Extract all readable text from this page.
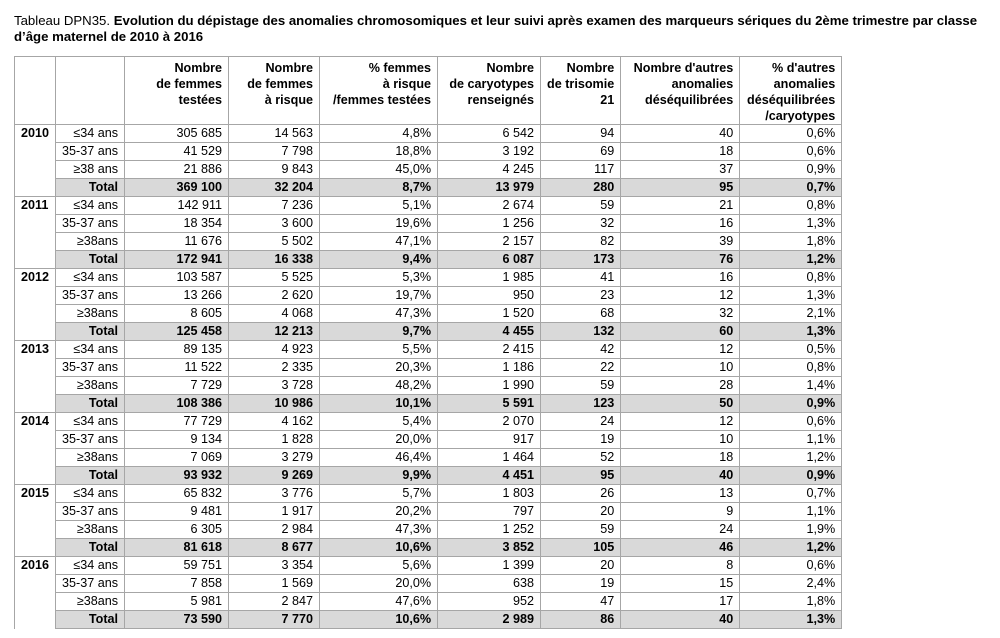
Tableau DPN35. Evolution du dépistage des anomalies chromosomiques et leur suivi après examen des marqueurs sériques du 2ème trimestre par classe d’âge maternel de 2010 à 2016
		Nombre
de femmes
testées	Nombre
de femmes
à risque	% femmes
à risque
/femmes testées	Nombre
de caryotypes
renseignés	Nombre
de trisomie
21	Nombre d'autres
anomalies
déséquilibrées	% d'autres
anomalies
déséquilibrées
/caryotypes
2010	≤34 ans	305 685	14 563	4,8%	6 542	94	40	0,6%
	35-37 ans	41 529	7 798	18,8%	3 192	69	18	0,6%
	≥38 ans	21 886	9 843	45,0%	4 245	117	37	0,9%
	Total	369 100	32 204	8,7%	13 979	280	95	0,7%
2011	≤34 ans	142 911	7 236	5,1%	2 674	59	21	0,8%
	35-37 ans	18 354	3 600	19,6%	1 256	32	16	1,3%
	≥38ans	11 676	5 502	47,1%	2 157	82	39	1,8%
	Total	172 941	16 338	9,4%	6 087	173	76	1,2%
2012	≤34 ans	103 587	5 525	5,3%	1 985	41	16	0,8%
	35-37 ans	13 266	2 620	19,7%	950	23	12	1,3%
	≥38ans	8 605	4 068	47,3%	1 520	68	32	2,1%
	Total	125 458	12 213	9,7%	4 455	132	60	1,3%
2013	≤34 ans	89 135	4 923	5,5%	2 415	42	12	0,5%
	35-37 ans	11 522	2 335	20,3%	1 186	22	10	0,8%
	≥38ans	7 729	3 728	48,2%	1 990	59	28	1,4%
	Total	108 386	10 986	10,1%	5 591	123	50	0,9%
2014	≤34 ans	77 729	4 162	5,4%	2 070	24	12	0,6%
	35-37 ans	9 134	1 828	20,0%	917	19	10	1,1%
	≥38ans	7 069	3 279	46,4%	1 464	52	18	1,2%
	Total	93 932	9 269	9,9%	4 451	95	40	0,9%
2015	≤34 ans	65 832	3 776	5,7%	1 803	26	13	0,7%
	35-37 ans	9 481	1 917	20,2%	797	20	9	1,1%
	≥38ans	6 305	2 984	47,3%	1 252	59	24	1,9%
	Total	81 618	8 677	10,6%	3 852	105	46	1,2%
2016	≤34 ans	59 751	3 354	5,6%	1 399	20	8	0,6%
	35-37 ans	7 858	1 569	20,0%	638	19	15	2,4%
	≥38ans	5 981	2 847	47,6%	952	47	17	1,8%
	Total	73 590	7 770	10,6%	2 989	86	40	1,3%
